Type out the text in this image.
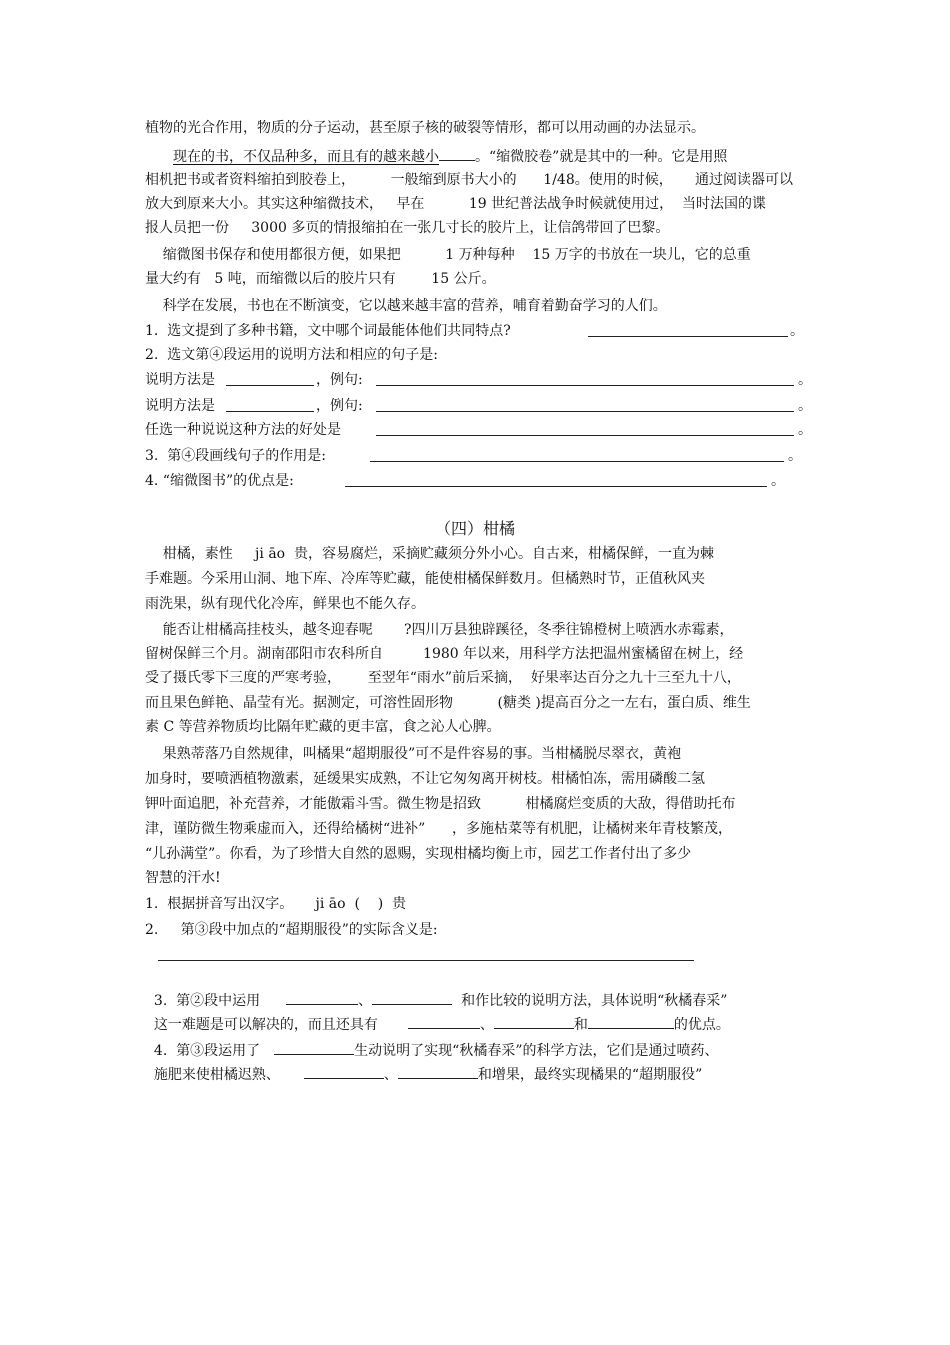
植物的光合作用，物质的分子运动，甚至原子核的破裂等情形，都可以用动画的办法显示。
现在的书，不仅品种多，而且有的越来越小	。“缩微胶卷”就是其中的一种。它是用照
相机把书或者资料缩拍到胶卷上，        一般缩到原书大小的      1/48。使用的时候，     通过阅读器可以
放大到原来大小。其实这种缩微技术，   早在          19 世纪普法战争时候就使用过，  当时法国的谍
报人员把一份     3000 多页的情报缩拍在一张几寸长的胶片上，让信鸽带回了巴黎。
缩微图书保存和使用都很方便，如果把          1 万种每种    15 万字的书放在一块儿，它的总重
量大约有   5 吨，而缩微以后的胶片只有        15 公斤。
科学在发展，书也在不断演变，它以越来越丰富的营养，哺育着勤奋学习的人们。
1.  选文提到了多种书籍，文中哪个词最能体他们共同特点?	。
2.  选文第④段运用的说明方法和相应的句子是:
说明方法是	，例句:	。
说明方法是	，例句:	。
任选一种说说这种方法的好处是	。
3.  第④段画线句子的作用是:	。
4. “缩微图书”的优点是:	。
（四）柑橘
柑橘，素性     ji āo  贵，容易腐烂，采摘贮藏须分外小心。自古来，柑橘保鲜，一直为棘
手难题。今采用山洞、地下库、冷库等贮藏，能使柑橘保鲜数月。但橘熟时节，正值秋风夹
雨洗果，纵有现代化冷库，鲜果也不能久存。
能否让柑橘高挂枝头，越冬迎春呢       ?四川万县独辟蹊径，冬季往锦橙树上喷洒水赤霉素，
留树保鲜三个月。湖南邵阳市农科所自         1980 年以来，用科学方法把温州蜜橘留在树上，经
受了摄氏零下三度的严寒考验，      至翌年“雨水”前后采摘，  好果率达百分之九十三至九十八，
而且果色鲜艳、晶莹有光。据测定，可溶性固形物          (糖类 )提高百分之一左右，蛋白质、维生
素 C 等营养物质均比隔年贮藏的更丰富，食之沁人心脾。
果熟蒂落乃自然规律，叫橘果“超期服役”可不是件容易的事。当柑橘脱尽翠衣，黄袍
加身时，要喷洒植物激素，延缓果实成熟，不让它匆匆离开树枝。柑橘怕冻，需用磷酸二氢
钾叶面追肥，补充营养，才能傲霜斗雪。微生物是招致          柑橘腐烂变质的大敌，得借助托布
津，谨防微生物乘虚而入，还得给橘树“进补”      ，多施枯菜等有机肥，让橘树来年青枝繁茂，
“儿孙满堂”。你看，为了珍惜大自然的恩赐，实现柑橘均衡上市，园艺工作者付出了多少
智慧的汗水!
1.  根据拼音写出汉字。     ji āo  (    )  贵
2.     第③段中加点的“超期服役”的实际含义是:

3.  第②段中运用	、	和作比较的说明方法，具体说明“秋橘春采”

这一难题是可以解决的，而且还具有	、	和	的优点。

4.  第③段运用了	生动说明了实现“秋橘春采”的科学方法，它们是通过喷药、

施肥来使柑橘迟熟、	、	和增果，最终实现橘果的“超期服役”
